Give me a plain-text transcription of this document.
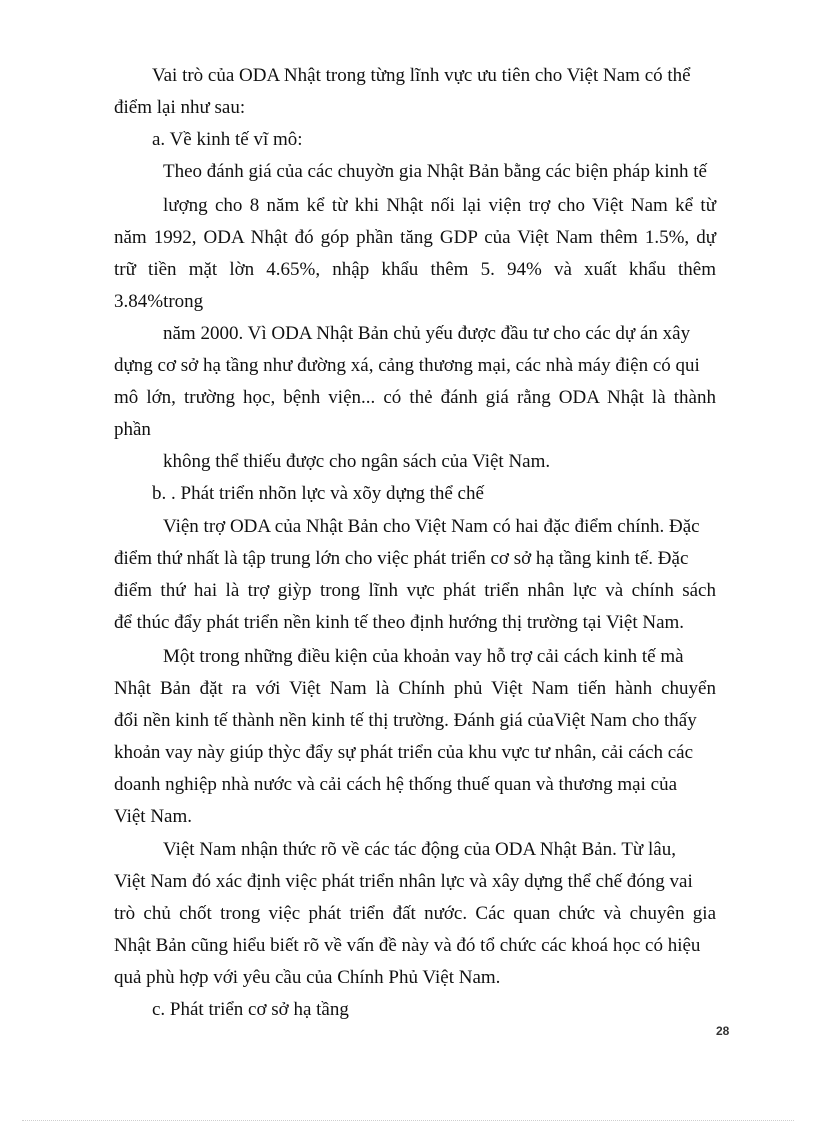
Vai trò của ODA Nhật trong từng lĩnh vực ưu tiên cho Việt Nam có thể
điểm lại như sau:
a. Về kinh tế vĩ mô:
Theo đánh giá của các chuyờn gia Nhật Bản bằng các biện pháp kinh tế
lượng cho 8 năm kể từ khi Nhật nối lại viện trợ cho Việt Nam kể từ
năm 1992, ODA Nhật đó góp phần tăng GDP của Việt Nam thêm 1.5%, dự
trữ tiền mặt lờn 4.65%, nhập khẩu thêm 5. 94% và xuất khẩu thêm
3.84%trong
năm 2000. Vì ODA Nhật Bản chủ yếu được đầu tư cho các dự án xây
dựng cơ sở hạ tầng như đường xá, cảng thương mại, các nhà máy điện có qui
mô lớn, trường học, bệnh viện... có thẻ đánh giá rằng ODA Nhật là thành
phần
không thể thiếu được cho ngân sách của Việt Nam.
b. . Phát triển nhõn lực và xõy dựng thể chế
Viện trợ ODA của Nhật Bản cho Việt Nam có hai đặc điểm chính. Đặc
điểm thứ nhất là tập trung lớn cho việc phát triển cơ sở hạ tầng kinh tế. Đặc
điểm thứ hai là trợ giỳp trong lĩnh vực phát triển nhân lực và chính sách
để thúc đẩy phát triển nền kinh tế theo định hướng thị trường tại Việt Nam.
Một trong những điều kiện của khoản vay hỗ trợ cải cách kinh tế mà
Nhật Bản đặt ra với Việt Nam là Chính phủ Việt Nam tiến hành chuyển
đổi nền kinh tế thành nền kinh tế thị trường. Đánh giá củaViệt Nam cho thấy
khoản vay này giúp thỳc đẩy sự phát triển của khu vực tư nhân, cải cách các
doanh nghiệp nhà nước và cải cách hệ thống thuế quan và thương mại của
Việt Nam.
Việt Nam nhận thức rõ về các tác động của ODA Nhật Bản. Từ lâu,
Việt Nam đó xác định việc phát triển nhân lực và xây dựng thể chế đóng vai
trò chủ chốt trong việc phát triển đất nước. Các quan chức và chuyên gia
Nhật Bản cũng hiểu biết rõ về vấn đề này và đó tổ chức các khoá học có hiệu
quả phù hợp với yêu cầu của Chính Phủ Việt Nam.
c. Phát triển cơ sở hạ tầng
28
